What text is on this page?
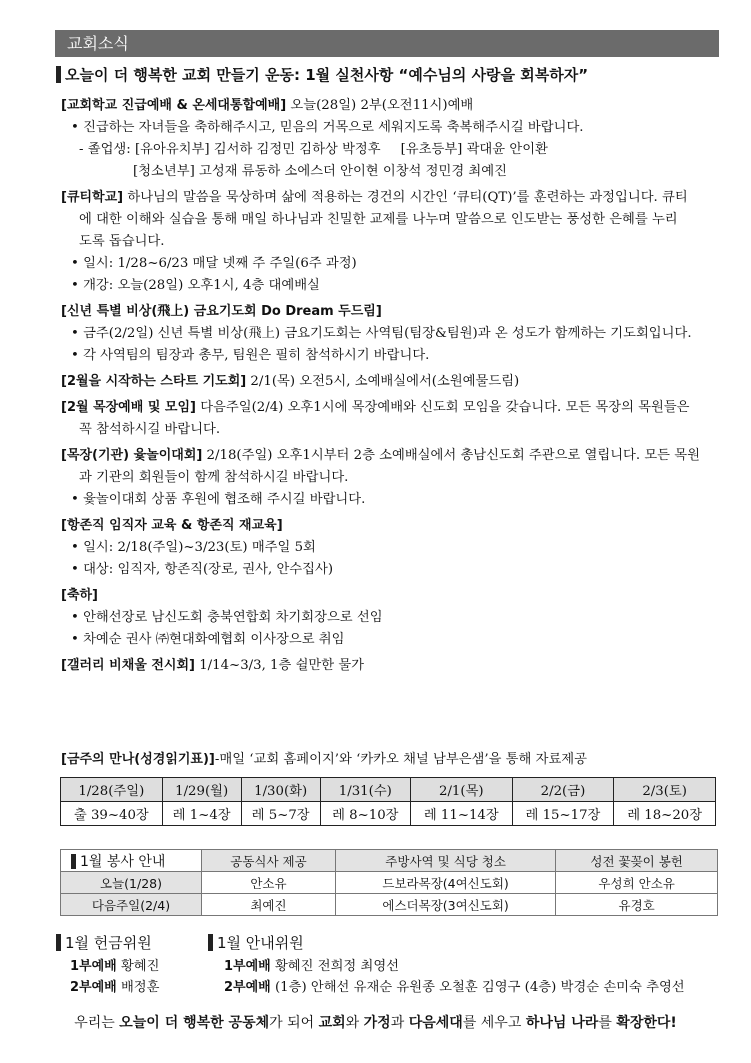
교회소식
오늘이 더 행복한 교회 만들기 운동: 1월 실천사항 “예수님의 사랑을 회복하자”

[교회학교 진급예배 & 온세대통합예배] 오늘(28일) 2부(오전11시)예배

• 진급하는 자녀들을 축하해주시고, 믿음의 거목으로 세워지도록 축복해주시길 바랍니다.

- 졸업생: [유아유치부] 김서하 김정민 김하상 박정후 [유초등부] 곽대윤 안이환

[청소년부] 고성재 류동하 소에스더 안이현 이창석 정민경 최예진

[큐티학교] 하나님의 말씀을 묵상하며 삶에 적용하는 경건의 시간인 ‘큐티(QT)’를 훈련하는 과정입니다. 큐티

에 대한 이해와 실습을 통해 매일 하나님과 친밀한 교제를 나누며 말씀으로 인도받는 풍성한 은혜를 누리

도록 돕습니다.

• 일시: 1/28~6/23 매달 넷째 주 주일(6주 과정)

• 개강: 오늘(28일) 오후1시, 4층 대예배실

[신년 특별 비상(飛上) 금요기도회 Do Dream 두드림]

• 금주(2/2일) 신년 특별 비상(飛上) 금요기도회는 사역팀(팀장&팀원)과 온 성도가 함께하는 기도회입니다.

• 각 사역팀의 팀장과 총무, 팀원은 필히 참석하시기 바랍니다.

[2월을 시작하는 스타트 기도회] 2/1(목) 오전5시, 소예배실에서(소원예물드림)

[2월 목장예배 및 모임] 다음주일(2/4) 오후1시에 목장예배와 신도회 모임을 갖습니다. 모든 목장의 목원들은

꼭 참석하시길 바랍니다.

[목장(기관) 윷놀이대회] 2/18(주일) 오후1시부터 2층 소예배실에서 총남신도회 주관으로 열립니다. 모든 목원

과 기관의 회원들이 함께 참석하시길 바랍니다.

• 윷놀이대회 상품 후원에 협조해 주시길 바랍니다.

[항존직 임직자 교육 & 항존직 재교육]

• 일시: 2/18(주일)~3/23(토) 매주일 5회

• 대상: 임직자, 항존직(장로, 권사, 안수집사)

[축하]

• 안해선장로 남신도회 충북연합회 차기회장으로 선임

• 차예순 권사 ㈜현대화예협회 이사장으로 취임

[갤러리 비채울 전시회] 1/14~3/3, 1층 쉴만한 물가

[금주의 만나(성경읽기표)]-매일 ‘교회 홈페이지’와 ‘카카오 채널 남부은샘’을 통해 자료제공
1/28(주일)	1/29(월)	1/30(화)	1/31(수)	2/1(목)	2/2(금)	2/3(토)
출 39~40장	레 1~4장	레 5~7장	레 8~10장	레 11~14장	레 15~17장	레 18~20장
1월 봉사 안내	공동식사 제공	주방사역 및 식당 청소	성전 꽃꽂이 봉헌
오늘(1/28)	안소유	드보라목장(4여신도회)	우성희 안소유
다음주일(2/4)	최예진	에스더목장(3여신도회)	유경호
1월 헌금위원
1부예배 황혜진
2부예배 배정훈
1월 안내위원
1부예배 황혜진 전희정 최영선
2부예배 (1층) 안해선 유재순 유원종 오철훈 김영구 (4층) 박경순 손미숙 추영선
우리는 오늘이 더 행복한 공동체가 되어 교회와 가정과 다음세대를 세우고 하나님 나라를 확장한다!
